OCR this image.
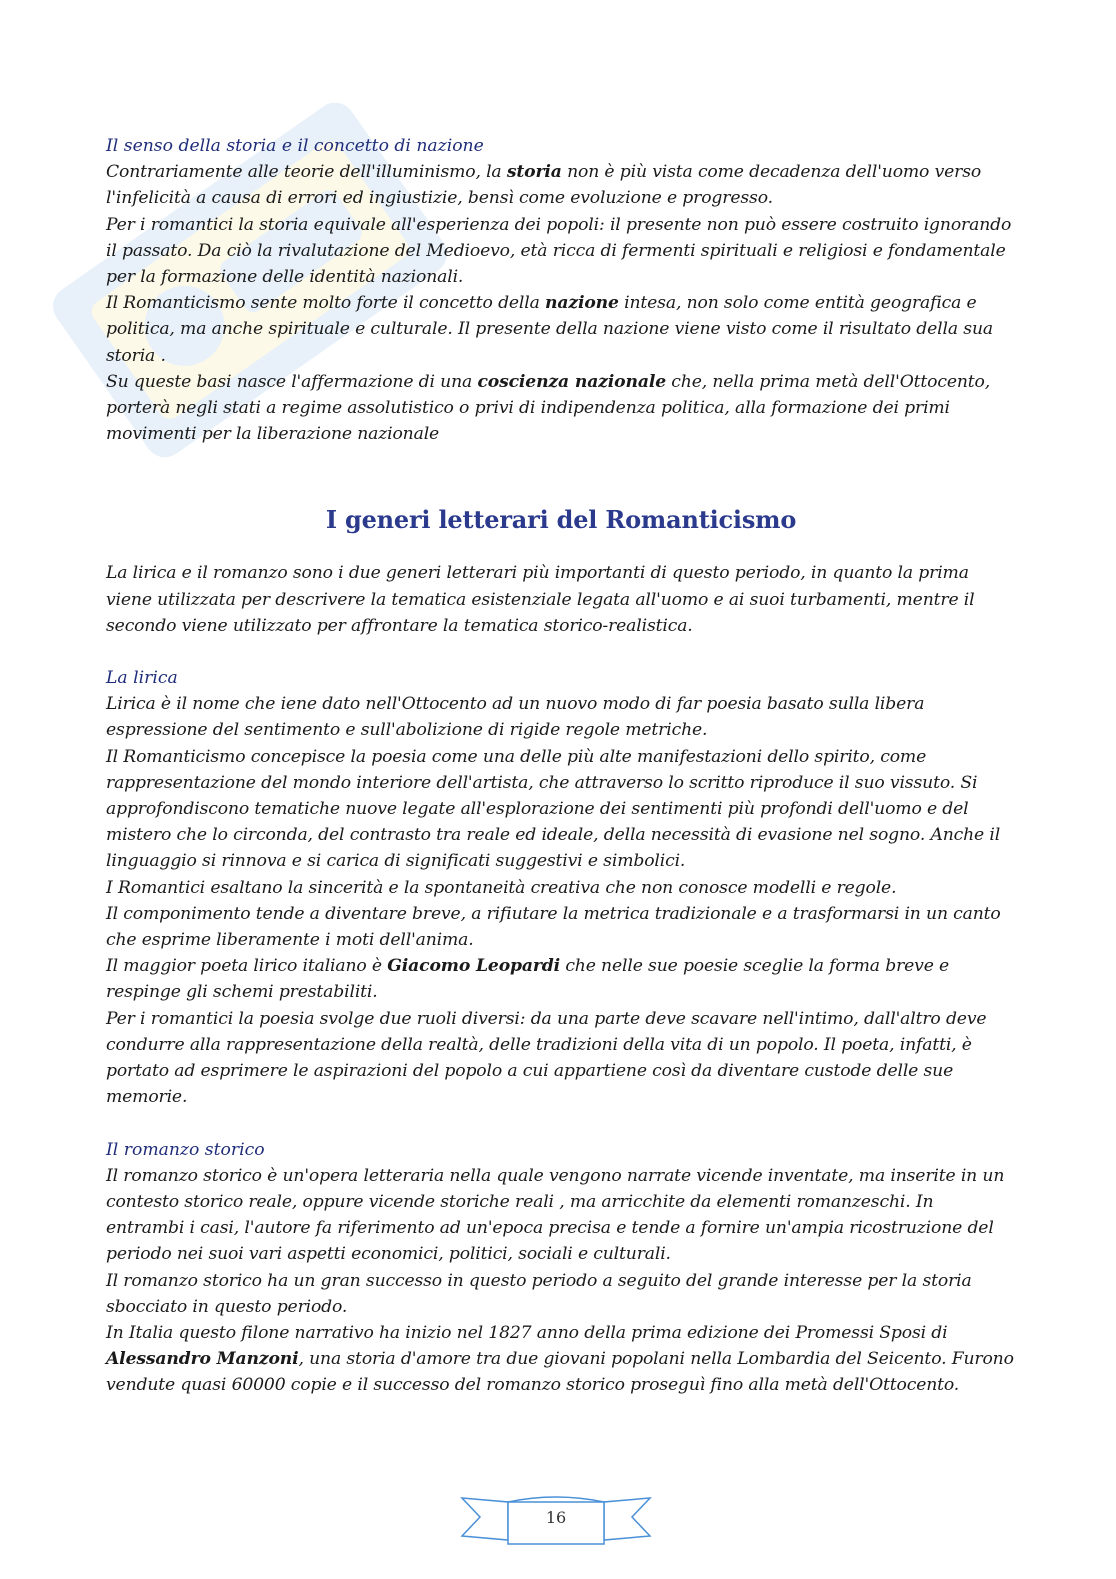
Il senso della storia e il concetto di nazione

Contrariamente alle teorie dell'illuminismo, la storia non è più vista come decadenza dell'uomo verso l'infelicità a causa di errori ed ingiustizie, bensì come evoluzione e progresso.

Per i romantici la storia equivale all'esperienza dei popoli: il presente non può essere costruito ignorando il passato. Da ciò la rivalutazione del Medioevo, età ricca di fermenti spirituali e religiosi e fondamentale per la formazione delle identità nazionali.

Il Romanticismo sente molto forte il concetto della nazione intesa, non solo come entità geografica e politica, ma anche spirituale e culturale. Il presente della nazione viene visto come il risultato della sua storia .

Su queste basi nasce l'affermazione di una coscienza nazionale che, nella prima metà dell'Ottocento, porterà negli stati a regime assolutistico o privi di indipendenza politica, alla formazione dei primi movimenti per la liberazione nazionale

I generi letterari del Romanticismo

La lirica e il romanzo sono i due generi letterari più importanti di questo periodo, in quanto la prima viene utilizzata per descrivere la tematica esistenziale legata all'uomo e ai suoi turbamenti, mentre il secondo viene utilizzato per affrontare la tematica storico-realistica.

La lirica

Lirica è il nome che iene dato nell'Ottocento ad un nuovo modo di far poesia basato sulla libera espressione del sentimento e sull'abolizione di rigide regole metriche.

Il Romanticismo concepisce la poesia come una delle più alte manifestazioni dello spirito, come rappresentazione del mondo interiore dell'artista, che attraverso lo scritto riproduce il suo vissuto. Si approfondiscono tematiche nuove legate all'esplorazione dei sentimenti più profondi dell'uomo e del mistero che lo circonda, del contrasto tra reale ed ideale, della necessità di evasione nel sogno. Anche il linguaggio si rinnova e si carica di significati suggestivi e simbolici.

I Romantici esaltano la sincerità e la spontaneità creativa che non conosce modelli e regole.

Il componimento tende a diventare breve, a rifiutare la metrica tradizionale e a trasformarsi in un canto che esprime liberamente i moti dell'anima.

Il maggior poeta lirico italiano è Giacomo Leopardi che nelle sue poesie sceglie la forma breve e respinge gli schemi prestabiliti.

Per i romantici la poesia svolge due ruoli diversi: da una parte deve scavare nell'intimo, dall'altro deve condurre alla rappresentazione della realtà, delle tradizioni della vita di un popolo. Il poeta, infatti, è portato ad esprimere le aspirazioni del popolo a cui appartiene così da diventare custode delle sue memorie.

Il romanzo storico

Il romanzo storico è un'opera letteraria nella quale vengono narrate vicende inventate, ma inserite in un contesto storico reale, oppure vicende storiche reali , ma arricchite da elementi romanzeschi. In entrambi i casi, l'autore fa riferimento ad un'epoca precisa e tende a fornire un'ampia ricostruzione del periodo nei suoi vari aspetti economici, politici, sociali e culturali.

Il romanzo storico ha un gran successo in questo periodo a seguito del grande interesse per la storia sbocciato in questo periodo.

In Italia questo filone narrativo ha inizio nel 1827 anno della prima edizione dei Promessi Sposi di Alessandro Manzoni, una storia d'amore tra due giovani popolani nella Lombardia del Seicento. Furono vendute quasi 60000 copie e il successo del romanzo storico proseguì fino alla metà dell'Ottocento.

16
